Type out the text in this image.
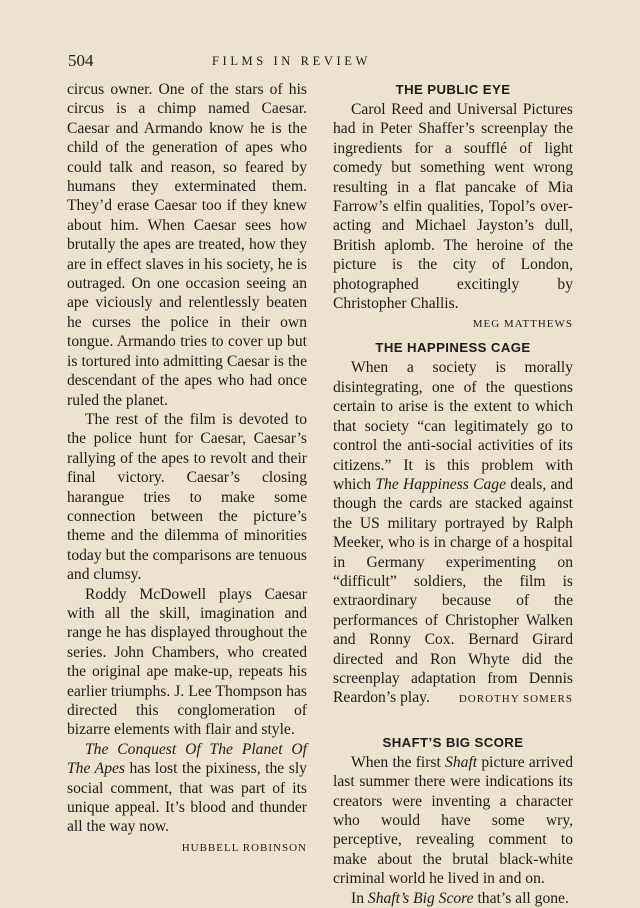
504	FILMS IN REVIEW

circus owner. One of the stars of his circus is a chimp named Caesar. Caesar and Armando know he is the child of the generation of apes who could talk and reason, so feared by humans they exterminated them. They’d erase Caesar too if they knew about him. When Caesar sees how brutally the apes are treated, how they are in effect slaves in his society, he is outraged. On one occasion seeing an ape viciously and relentlessly beaten he curses the police in their own tongue. Armando tries to cover up but is tortured into admitting Caesar is the descendant of the apes who had once ruled the planet.

The rest of the film is devoted to the police hunt for Caesar, Caesar’s rallying of the apes to revolt and their final victory. Caesar’s closing harangue tries to make some connection between the picture’s theme and the dilemma of minorities today but the comparisons are tenuous and clumsy.

Roddy McDowell plays Caesar with all the skill, imagination and range he has displayed throughout the series. John Chambers, who created the original ape make-up, repeats his earlier triumphs. J. Lee Thompson has directed this conglomeration of bizarre elements with flair and style.

The Conquest Of The Planet Of The Apes has lost the pixiness, the sly social comment, that was part of its unique appeal. It’s blood and thunder all the way now.

HUBBELL ROBINSON
THE PUBLIC EYE

Carol Reed and Universal Pictures had in Peter Shaffer’s screenplay the ingredients for a soufflé of light comedy but something went wrong resulting in a flat pancake of Mia Farrow’s elfin qualities, Topol’s over-acting and Michael Jayston’s dull, British aplomb. The heroine of the picture is the city of London, photographed excitingly by Christopher Challis.
MEG MATTHEWS

THE HAPPINESS CAGE

When a society is morally disintegrating, one of the questions certain to arise is the extent to which that society “can legitimately go to control the anti-social activities of its citizens.” It is this problem with which The Happiness Cage deals, and though the cards are stacked against the US military portrayed by Ralph Meeker, who is in charge of a hospital in Germany experimenting on “difficult” soldiers, the film is extraordinary because of the performances of Christopher Walken and Ronny Cox. Bernard Girard directed and Ron Whyte did the screenplay adaptation from Dennis Reardon’s play.	DOROTHY SOMERS

SHAFT’S BIG SCORE

When the first Shaft picture arrived last summer there were indications its creators were inventing a character who would have some wry, perceptive, revealing comment to make about the brutal black-white criminal world he lived in and on.

In Shaft’s Big Score that’s all gone.
